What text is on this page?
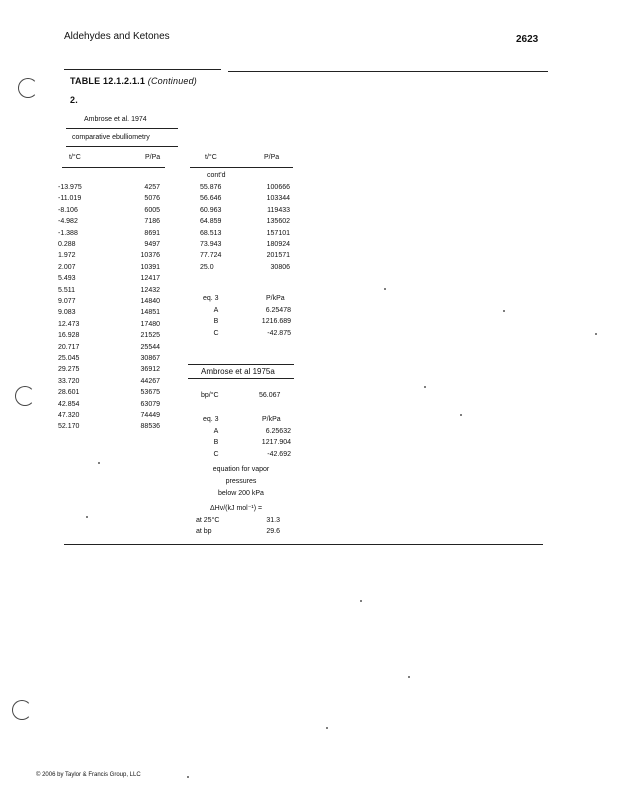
Aldehydes and Ketones	2623
TABLE 12.1.2.1.1 (Continued)
2.
Ambrose et al. 1974
comparative ebulliometry
t/°C	P/Pa	t/°C	P/Pa
cont'd
-13.975	4257
-11.019	5076
-8.106	6005
-4.982	7186
-1.388	8691
0.288	9497
1.972	10376
2.007	10391
5.493	12417
5.511	12432
9.077	14840
9.083	14851
12.473	17480
16.928	21525
20.717	25544
25.045	30867
29.275	36912
33.720	44267
28.601	53675
42.854	63079
47.320	74449
52.170	88536
55.876	100666
56.646	103344
60.963	119433
64.859	135602
68.513	157101
73.943	180924
77.724	201571
25.0	30806
eq. 3	P/kPa
A	6.25478
B	1216.689
C	-42.875
Ambrose et al 1975a
bp/°C	56.067
eq. 3	P/kPa
A	6.25632
B	1217.904
C	-42.692
equation for vapor
pressures
below 200 kPa
ΔHv/(kJ mol⁻¹) =
at 25°C	31.3
at bp	29.6
© 2006 by Taylor & Francis Group, LLC
